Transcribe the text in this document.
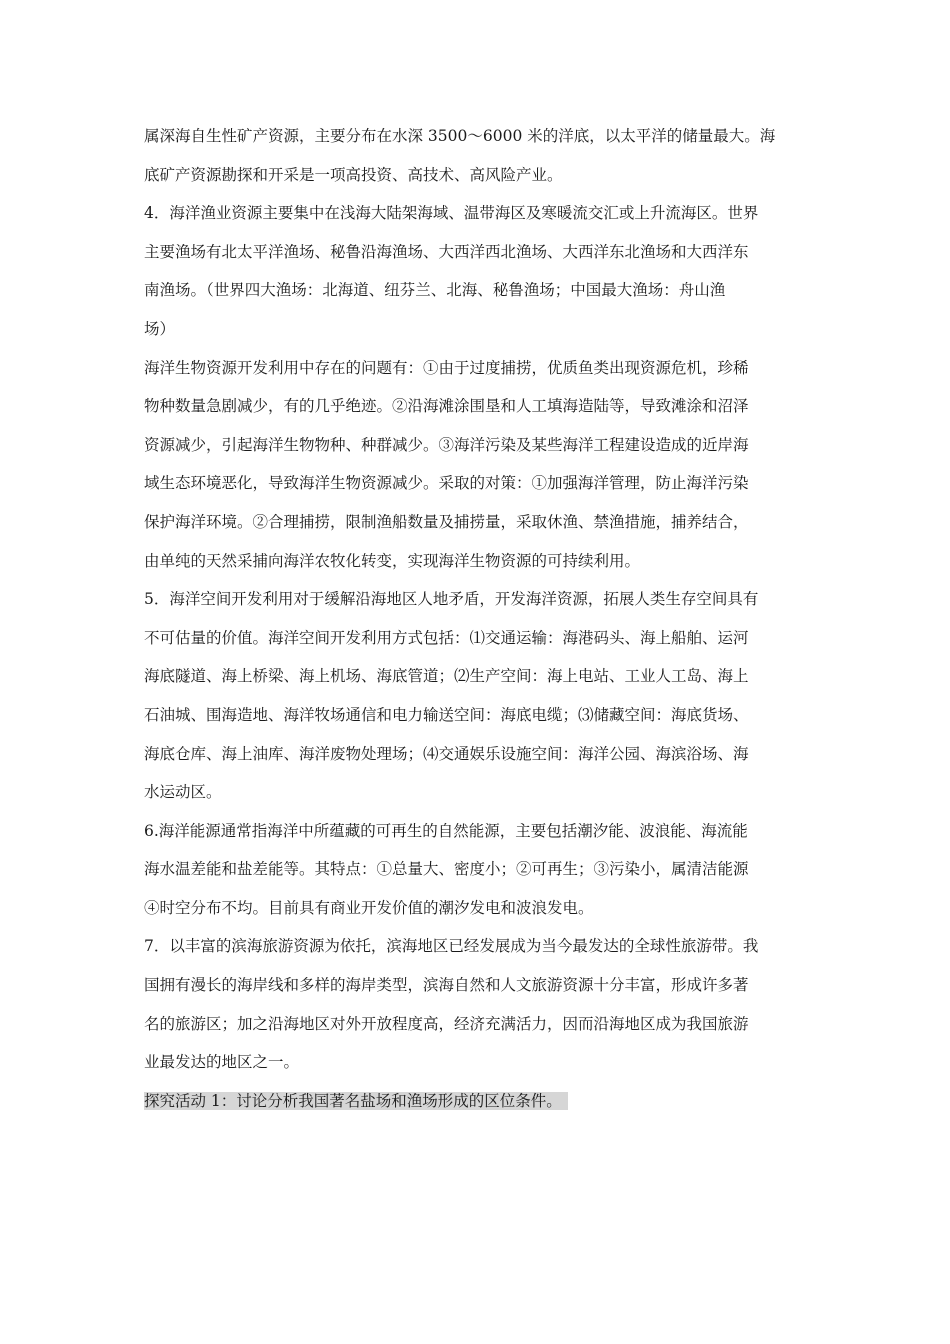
属深海自生性矿产资源，主要分布在水深 3500～6000 米的洋底，以太平洋的储量最大。海
底矿产资源勘探和开采是一项高投资、高技术、高风险产业。
4．海洋渔业资源主要集中在浅海大陆架海域、温带海区及寒暖流交汇或上升流海区。世界
主要渔场有北太平洋渔场、秘鲁沿海渔场、大西洋西北渔场、大西洋东北渔场和大西洋东
南渔场。（世界四大渔场：北海道、纽芬兰、北海、秘鲁渔场；中国最大渔场：舟山渔
场）
海洋生物资源开发利用中存在的问题有：①由于过度捕捞，优质鱼类出现资源危机，珍稀
物种数量急剧减少，有的几乎绝迹。②沿海滩涂围垦和人工填海造陆等，导致滩涂和沼泽
资源减少，引起海洋生物物种、种群减少。③海洋污染及某些海洋工程建设造成的近岸海
域生态环境恶化，导致海洋生物资源减少。采取的对策：①加强海洋管理，防止海洋污染
保护海洋环境。②合理捕捞，限制渔船数量及捕捞量，采取休渔、禁渔措施，捕养结合，
由单纯的天然采捕向海洋农牧化转变，实现海洋生物资源的可持续利用。
5．海洋空间开发利用对于缓解沿海地区人地矛盾，开发海洋资源，拓展人类生存空间具有
不可估量的价值。海洋空间开发利用方式包括：⑴交通运输：海港码头、海上船舶、运河
海底隧道、海上桥梁、海上机场、海底管道；⑵生产空间：海上电站、工业人工岛、海上
石油城、围海造地、海洋牧场通信和电力输送空间：海底电缆；⑶储藏空间：海底货场、
海底仓库、海上油库、海洋废物处理场；⑷交通娱乐设施空间：海洋公园、海滨浴场、海
水运动区。
6.海洋能源通常指海洋中所蕴藏的可再生的自然能源，主要包括潮汐能、波浪能、海流能
海水温差能和盐差能等。其特点：①总量大、密度小；②可再生；③污染小，属清洁能源
④时空分布不均。目前具有商业开发价值的潮汐发电和波浪发电。
7．以丰富的滨海旅游资源为依托，滨海地区已经发展成为当今最发达的全球性旅游带。我
国拥有漫长的海岸线和多样的海岸类型，滨海自然和人文旅游资源十分丰富，形成许多著
名的旅游区；加之沿海地区对外开放程度高，经济充满活力，因而沿海地区成为我国旅游
业最发达的地区之一。
探究活动 1：讨论分析我国著名盐场和渔场形成的区位条件。
